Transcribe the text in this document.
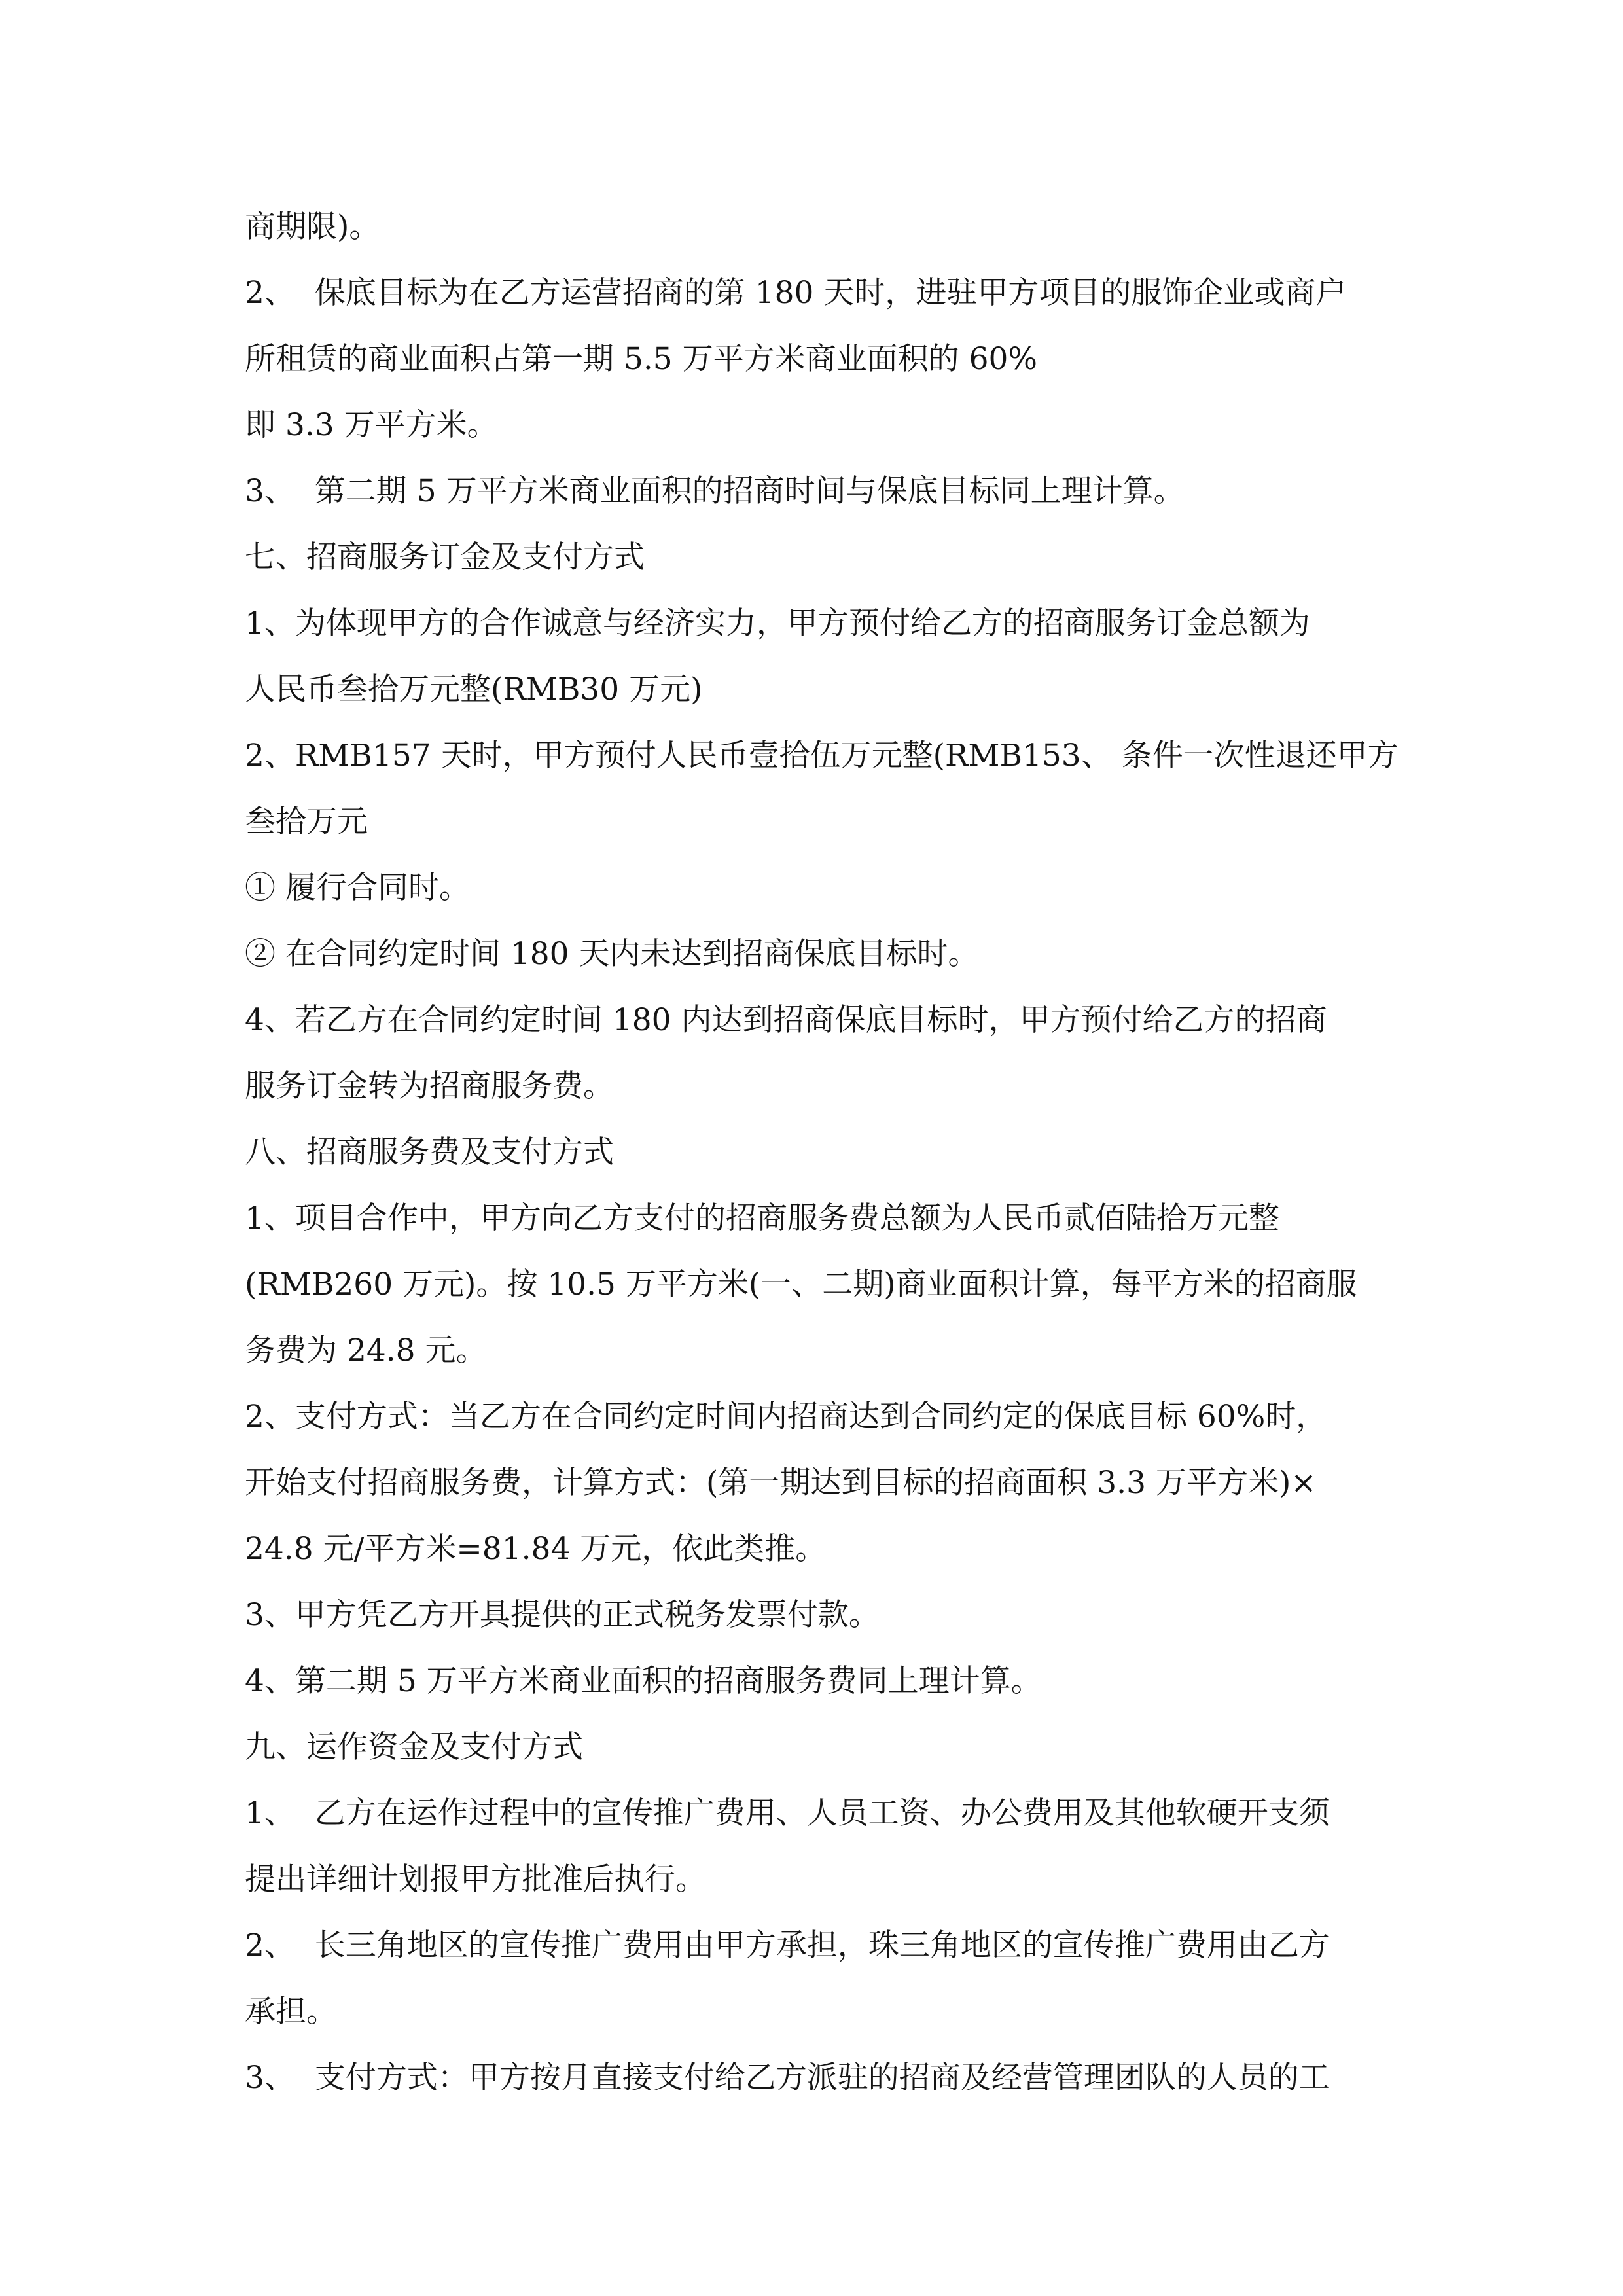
商期限)。
2、  保底目标为在乙方运营招商的第 180 天时，进驻甲方项目的服饰企业或商户
所租赁的商业面积占第一期 5.5 万平方米商业面积的 60%
即 3.3 万平方米。
3、  第二期 5 万平方米商业面积的招商时间与保底目标同上理计算。
七、招商服务订金及支付方式
1、为体现甲方的合作诚意与经济实力，甲方预付给乙方的招商服务订金总额为
人民币叁拾万元整(RMB30 万元)
2、RMB157 天时，甲方预付人民币壹拾伍万元整(RMB153、 条件一次性退还甲方
叁拾万元
① 履行合同时。
② 在合同约定时间 180 天内未达到招商保底目标时。
4、若乙方在合同约定时间 180 内达到招商保底目标时，甲方预付给乙方的招商
服务订金转为招商服务费。
八、招商服务费及支付方式
1、项目合作中，甲方向乙方支付的招商服务费总额为人民币贰佰陆拾万元整
(RMB260 万元)。按 10.5 万平方米(一、二期)商业面积计算，每平方米的招商服
务费为 24.8 元。
2、支付方式：当乙方在合同约定时间内招商达到合同约定的保底目标 60%时，
开始支付招商服务费，计算方式：(第一期达到目标的招商面积 3.3 万平方米)×
24.8 元/平方米=81.84 万元，依此类推。
3、甲方凭乙方开具提供的正式税务发票付款。
4、第二期 5 万平方米商业面积的招商服务费同上理计算。
九、运作资金及支付方式
1、  乙方在运作过程中的宣传推广费用、人员工资、办公费用及其他软硬开支须
提出详细计划报甲方批准后执行。
2、  长三角地区的宣传推广费用由甲方承担，珠三角地区的宣传推广费用由乙方
承担。
3、  支付方式：甲方按月直接支付给乙方派驻的招商及经营管理团队的人员的工
